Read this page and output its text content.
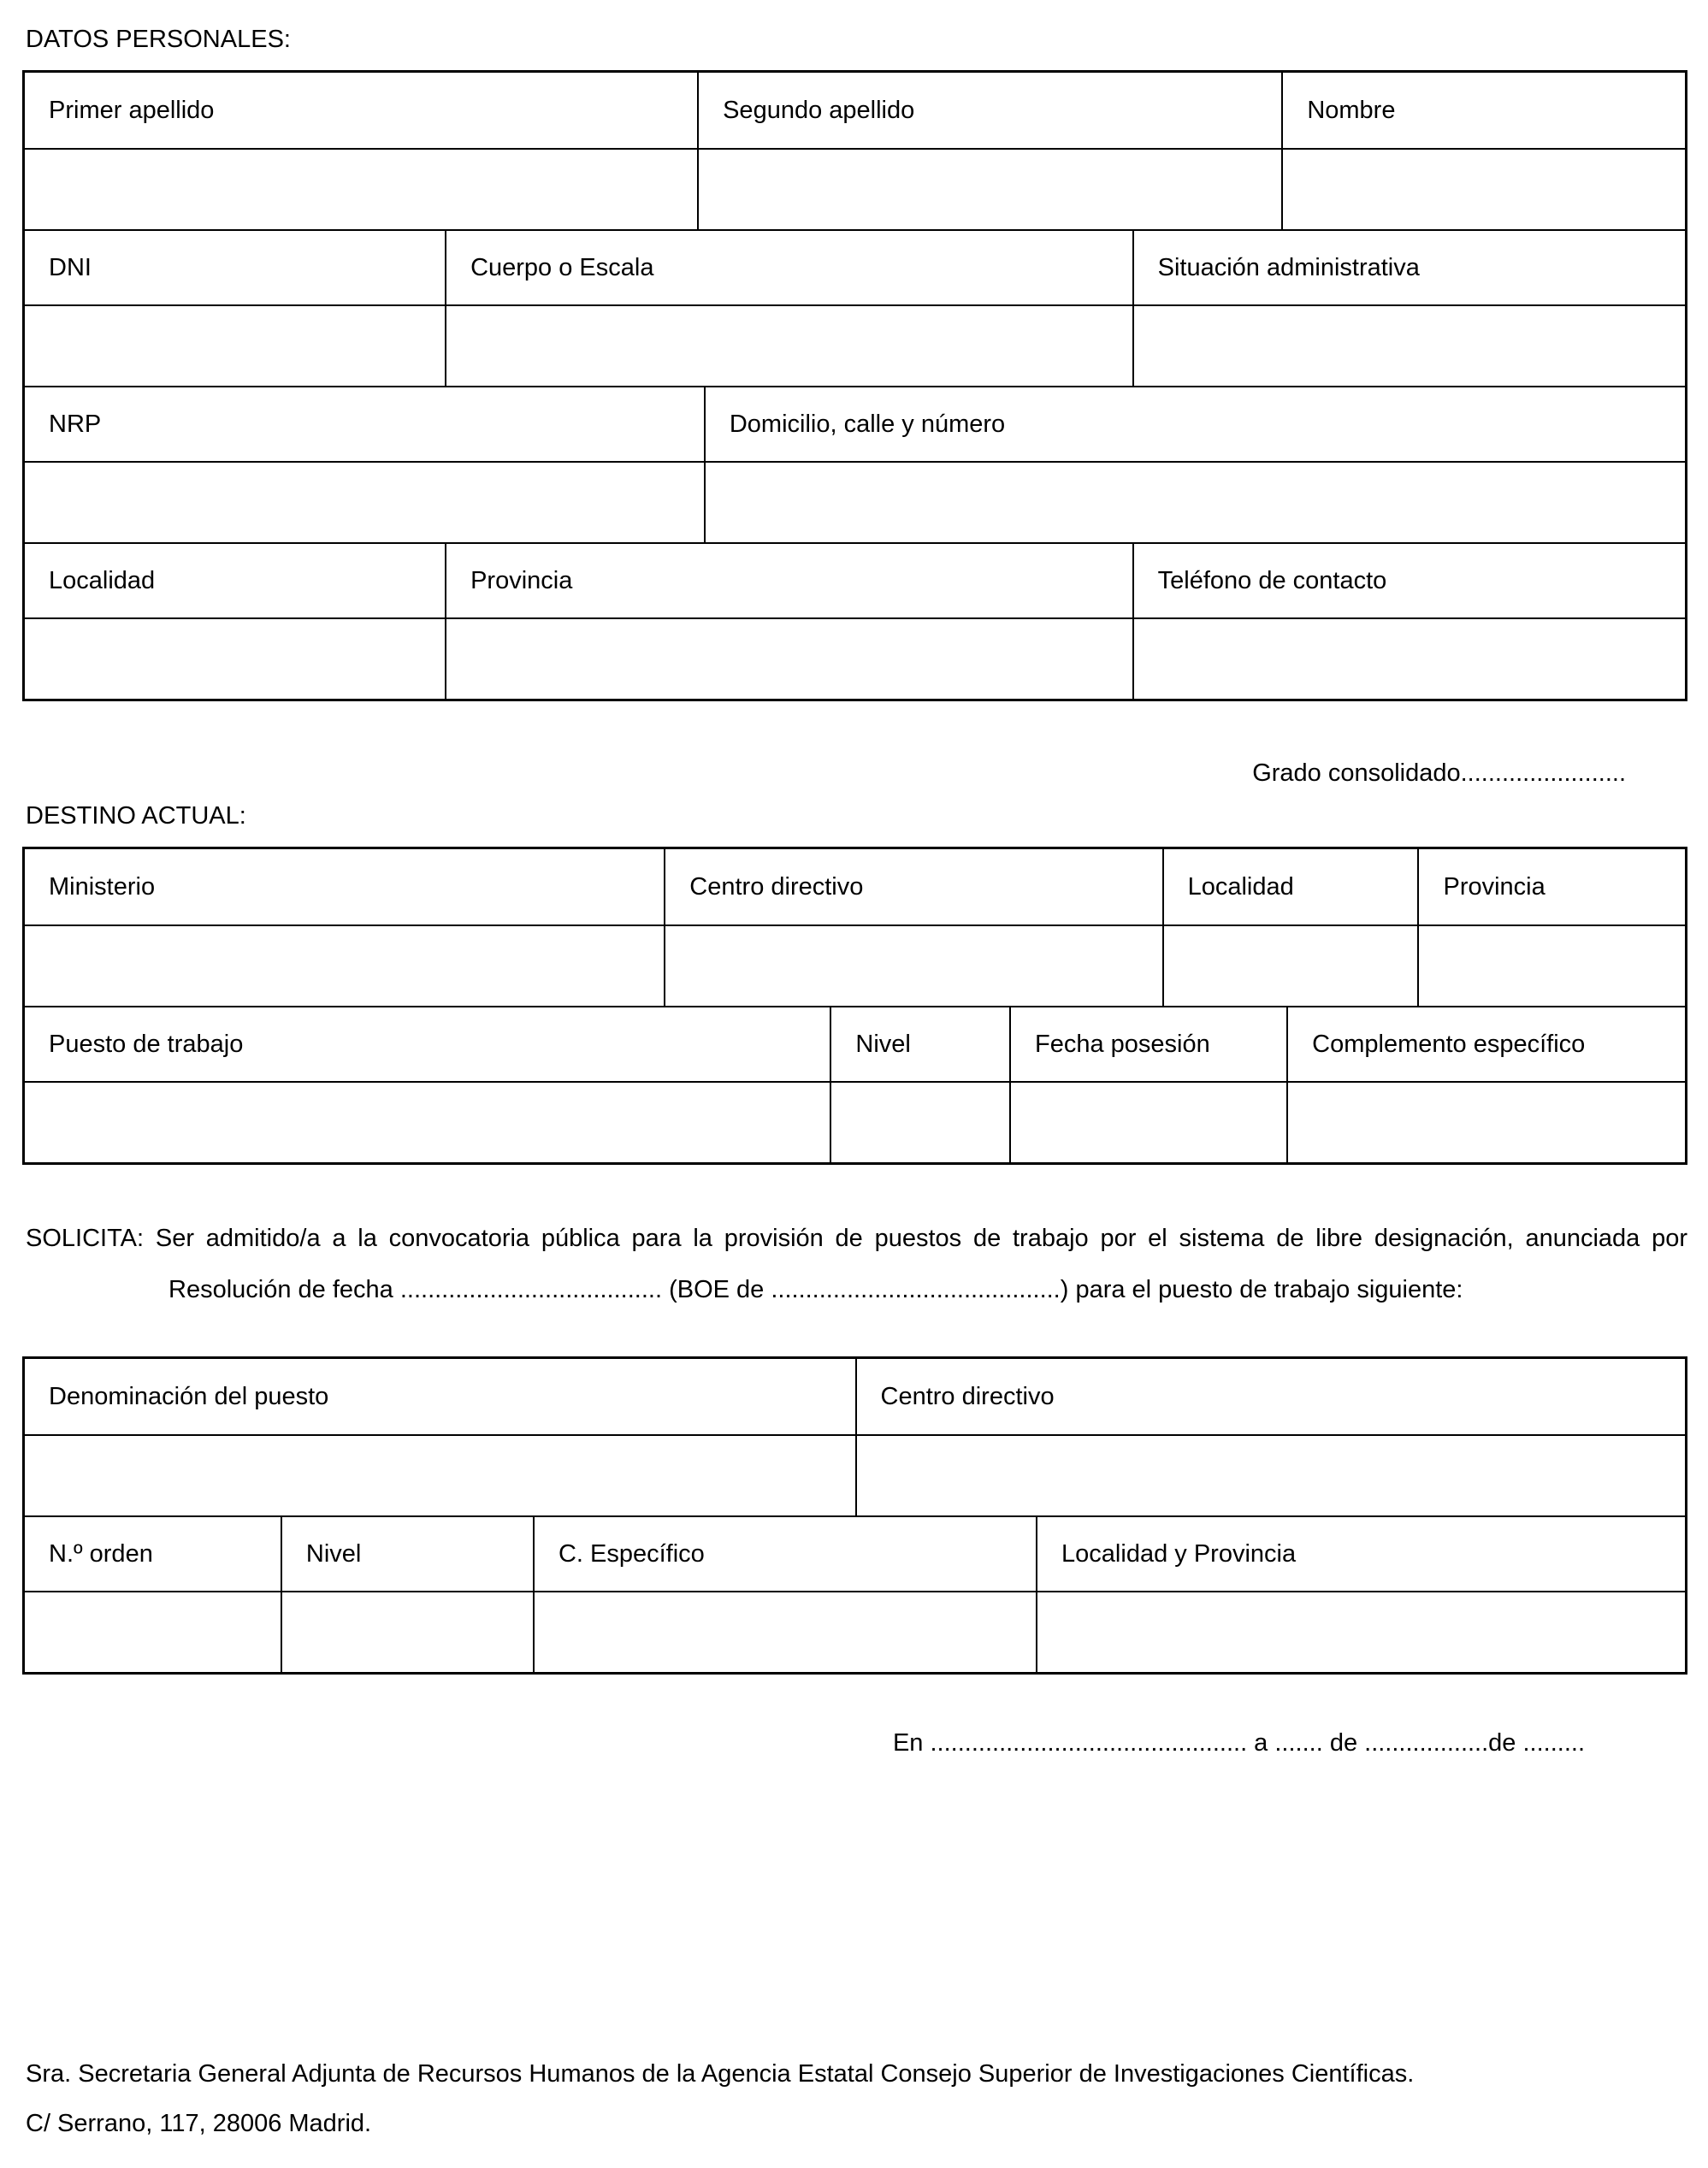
DATOS PERSONALES:
Primer apellido	Segundo apellido	Nombre
DNI	Cuerpo o Escala	Situación administrativa
NRP	Domicilio, calle y número
Localidad	Provincia	Teléfono de contacto
Grado consolidado........................
DESTINO ACTUAL:
Ministerio	Centro directivo	Localidad	Provincia
Puesto de trabajo	Nivel	Fecha posesión	Complemento específico

SOLICITA: Ser admitido/a a la convocatoria pública para la provisión de puestos de trabajo por el sistema de libre designación, anunciada por Resolución de fecha ...................................... (BOE de ..........................................) para el puesto de trabajo siguiente:

Denominación del puesto	Centro directivo
N.º orden	Nivel	C. Específico	Localidad y Provincia
En .............................................. a ....... de ..................de .........
Sra. Secretaria General Adjunta de Recursos Humanos de la Agencia Estatal Consejo Superior de Investigaciones Científicas.
C/ Serrano, 117, 28006 Madrid.
